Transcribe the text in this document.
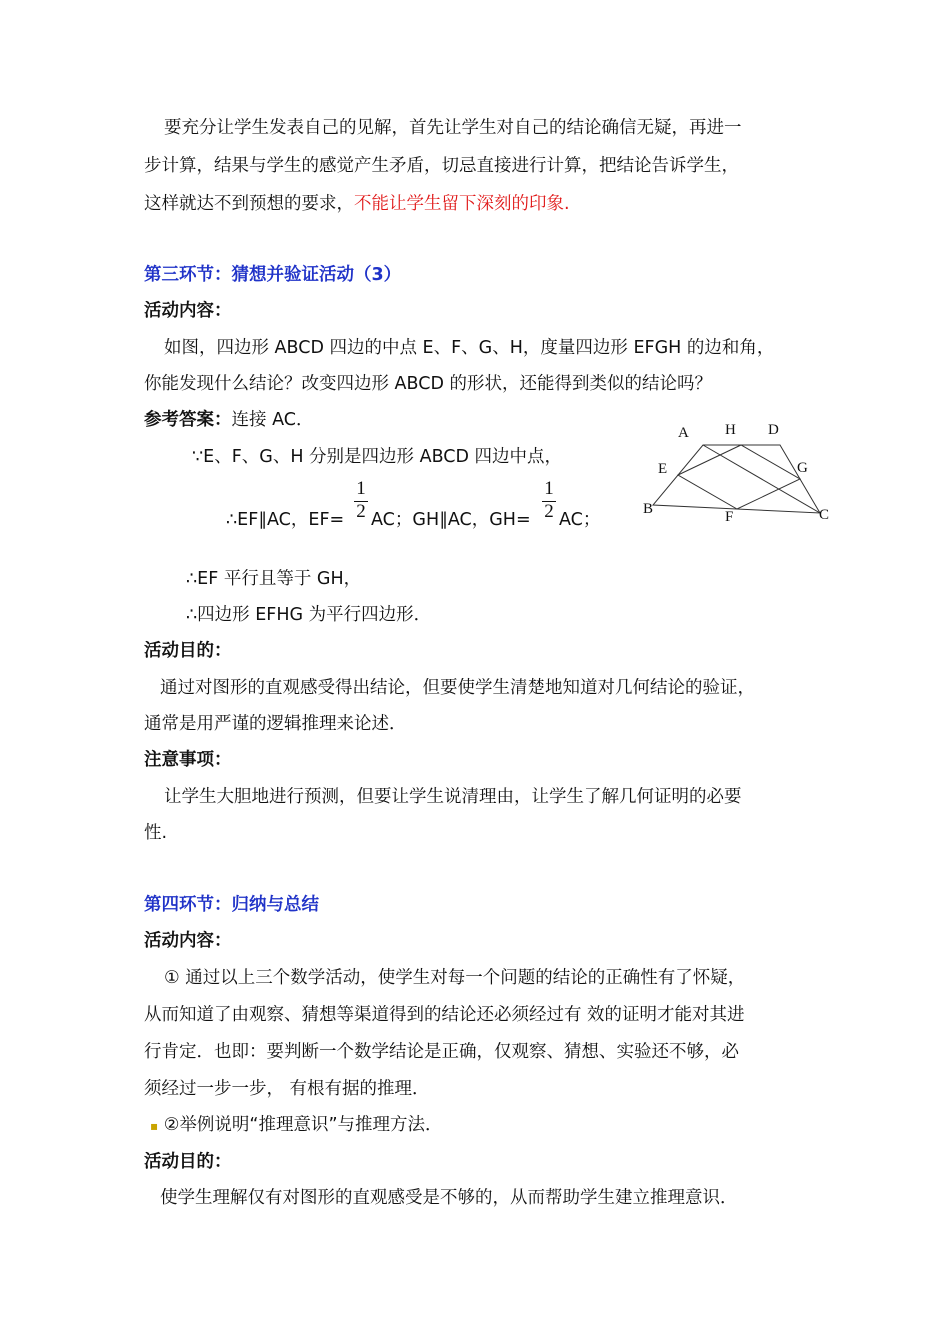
要充分让学生发表自己的见解，首先让学生对自己的结论确信无疑，再进一
步计算，结果与学生的感觉产生矛盾，切忌直接进行计算，把结论告诉学生，
这样就达不到预想的要求，不能让学生留下深刻的印象.
第三环节：猜想并验证活动（3）
活动内容：
如图，四边形 ABCD 四边的中点 E、F、G、H，度量四边形 EFGH 的边和角，
你能发现什么结论？改变四边形 ABCD 的形状，还能得到类似的结论吗？
参考答案：连接 AC．
∵E、F、G、H 分别是四边形 ABCD 四边中点，
∴EF∥AC，EF=
1
2 AC；GH∥AC，GH=
1
2 AC；
∴EF 平行且等于 GH，
∴四边形 EFHG 为平行四边形．
活动目的：
通过对图形的直观感受得出结论，但要使学生清楚地知道对几何结论的验证，
通常是用严谨的逻辑推理来论述．
注意事项：
让学生大胆地进行预测，但要让学生说清理由，让学生了解几何证明的必要
性.
A H D
E	G
B	F	C
第四环节：归纳与总结
活动内容：
① 通过以上三个数学活动，使学生对每一个问题的结论的正确性有了怀疑，
从而知道了由观察、猜想等渠道得到的结论还必须经过有 效的证明才能对其进
行肯定．也即：要判断一个数学结论是正确，仅观察、猜想、实验还不够，必
须经过一步一步， 有根有据的推理．
▪ ②举例说明“推理意识”与推理方法．
活动目的：
使学生理解仅有对图形的直观感受是不够的，从而帮助学生建立推理意识．
